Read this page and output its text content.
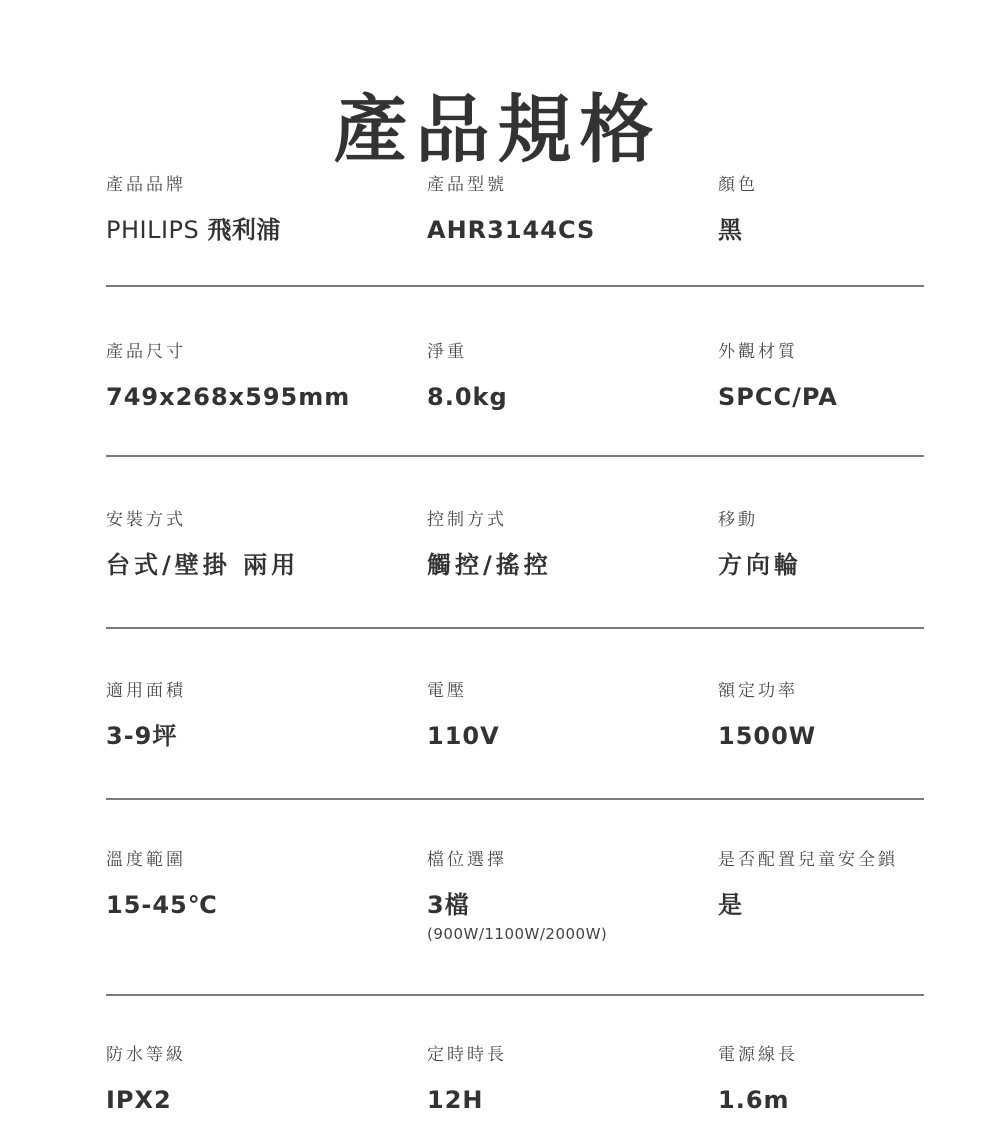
產品規格
產品品牌
PHILIPS 飛利浦
產品型號
AHR3144CS
顏色
黑
產品尺寸
749x268x595mm
淨重
8.0kg
外觀材質
SPCC/PA
安裝方式
台式/壁掛 兩用
控制方式
觸控/搖控
移動
方向輪
適用面積
3-9坪
電壓
110V
額定功率
1500W
溫度範圍
15-45℃
檔位選擇
3檔
(900W/1100W/2000W)
是否配置兒童安全鎖
是
防水等級
IPX2
定時時長
12H
電源線長
1.6m
